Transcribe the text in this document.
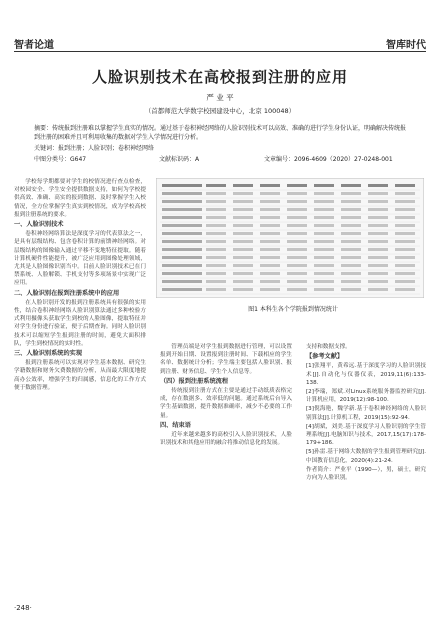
智者论道	智库时代
人脸识别技术在高校报到注册的应用
严 业 平
（首都师范大学数字校园建设中心，北京 100048）
摘要：传统报到注册难以掌握学生真实的情况。通过基于卷积神经网络的人脸识别技术可以高效、准确的进行学生身份认证，明确解决传统报到注册的困难并且可利用收集的数据对学生入学情况进行分析。
关键词：报到注册；人脸识别；卷积神经网络
中图分类号：G647	文献标识码：A	文章编号：2096-4609（2020）27-0248-001

学校每学期都要对学生的校情况进行查点检查，对校园安全、学生安全提供数据支持，如何为学校提供高效、准确、高实的报到数据、及时掌握学生入校情况，全方位掌握学生真实到校情况，成为学校高校报到注册系统的要求。

一、人脸识别技术

卷积神经网络算法是深度学习的代表算法之一，是具有层级结构、包含卷积计算的前馈神经网络。对层级结构的图像输入通过平移不变地特征提取。随着计算机硬件性能提升，被广泛应用到图像处理领域，尤其是人脸图像识别当中。目前人脸识别技术已在门禁系统、人脸解锁、手机支付等多项场景中实现广泛应用。

二、人脸识别在报到注册系统中的应用

在人脸识别开发的报到注册系统具有很强的实用性，结合卷积神经网络人脸识别算法通过多种校验方式利用摄像头获取学生到校的人脸图像，提取特征并对学生身份进行验证，便于后期查询。同时人脸识别技术可以缩短学生报到注册的时间，避免大面积排队，学生到校情况的实时性。

三、人脸识别系统的实现

报到注册系统可以实现对学生基本数据、研究生学籍数据和财务欠费数据的分析，从而最大限度地提高办公效率，增强学生的归属感，信息化的工作方式便于数据管理。

图1 本科生各个学院报到情况统计

管理员端是对学生报到数据进行管理，可以设置报到开始日期、设置报到注册时间、下载相应的学生名单、数据统计分析；学生端主要包括人脸识别、报到注册、财务信息、学生个人信息等。

（四）报到注册系统流程

传统报到注册方式在主要是通过手动纸质表格完成，存在数据多、效率低的问题。通过系统后台导入学生基础数据，提升数据准确率，减少不必要的工作量。

四、结束语

近年来越来越多的高校引入人脸识别技术，人脸识别技术和其他应用的融合将推动信息化的发展。

支持和数据支撑。

【参考文献】

[1]张翔平，黄希远.基于深度学习的人脸识别技术[J].自动化与仪器仪表，2019,11(6):133-138.

[2]李瑞，郑斌.对Linux系统服务器监控研究[J].计算机应用，2019(12):98-100.

[3]倪海艳，魏学新.基于卷积神经网络的人脸识别算法[J].计算机工程，2019(15):92-94.

[4]胡斌，刘美.基于深度学习人脸识别的学生管理系统[J].电脑知识与技术，2017,15(17):178-179+186.

[5]孙雷.基于网络大数据的学生报到管理研究[J].中国教育信息化，2020(4):21-24.

作者简介：严业平（1990—），男，硕士，研究方向为人脸识别。

·248·
